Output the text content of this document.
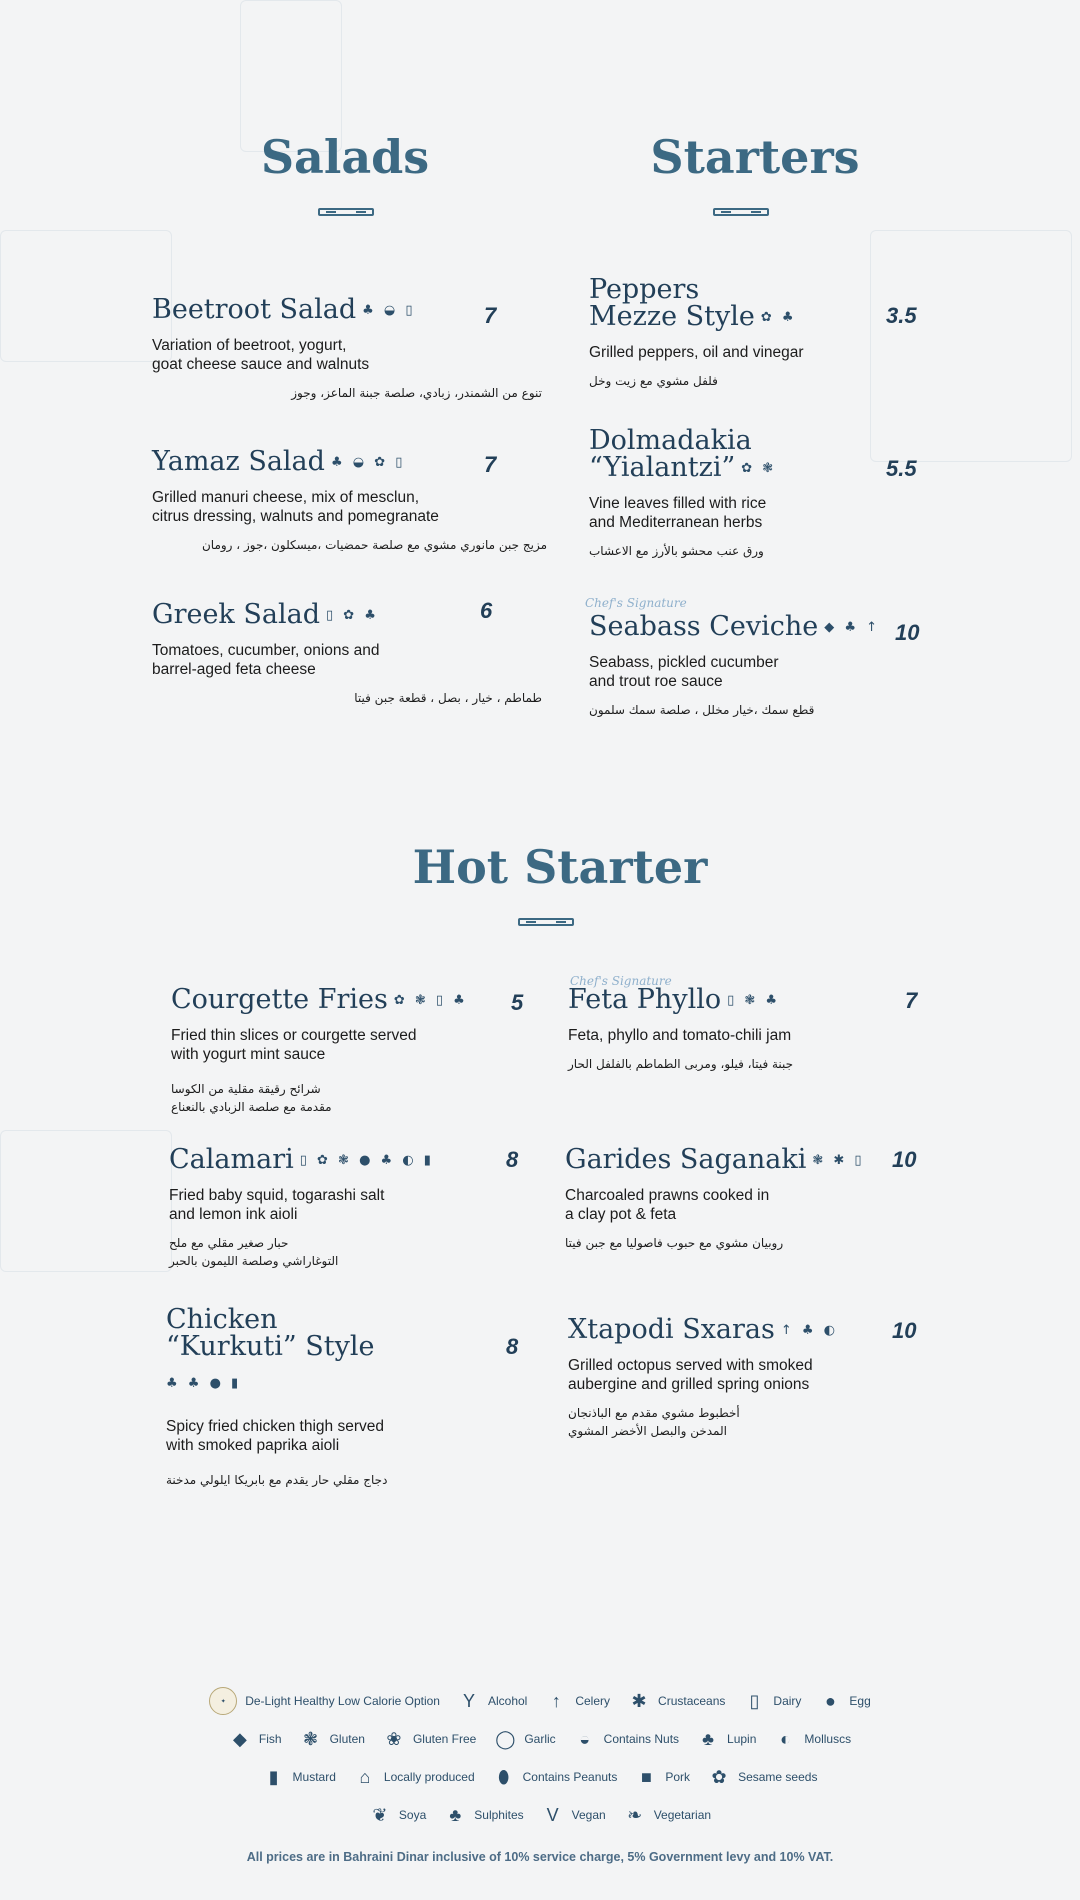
Salads	Starters
Hot Starter
Beetroot Salad ♣ ◒ ▯
Variation of beetroot, yogurt,
goat cheese sauce and walnuts
تنوع من الشمندر، زبادي، صلصة جبنة الماعز، وجوز
7
Yamaz Salad ♣ ◒ ✿ ▯
Grilled manuri cheese, mix of mesclun,
citrus dressing, walnuts and pomegranate
مزيج جبن مانوري مشوي مع صلصة حمضيات ،ميسكلون ،جوز ، رومان
7
Greek Salad ▯ ✿ ♣
Tomatoes, cucumber, onions and
barrel-aged feta cheese
طماطم ، خيار ، بصل ، قطعة جبن فيتا
6
Peppers
Mezze Style ✿ ♣
Grilled peppers, oil and vinegar
فلفل مشوي مع زيت وخل
3.5
Dolmadakia
“Yialantzi” ✿ ❃
Vine leaves filled with rice
and Mediterranean herbs
ورق عنب محشو بالأرز مع الاعشاب
5.5
Chef's Signature
Seabass Ceviche ◆ ♣ ↑
Seabass, pickled cucumber
and trout roe sauce
قطع سمك ،خيار مخلل ، صلصة سمك سلمون
10
Courgette Fries ✿ ❃ ▯ ♣
Fried thin slices or courgette served
with yogurt mint sauce
شرائح رقيقة مقلية من الكوسا
مقدمة مع صلصة الزبادي بالنعناع
5
Calamari ▯ ✿ ❃ ● ♣ ◐ ▮
Fried baby squid, togarashi salt
and lemon ink aioli
حبار صغير مقلي مع ملح
التوغاراشي وصلصة الليمون بالحبر
8
Chicken
“Kurkuti” Style
♣ ♣ ● ▮
Spicy fried chicken thigh served
with smoked paprika aioli
دجاج مقلي حار يقدم مع بابريكا ايلولي مدخنة
8
Chef's Signature
Feta Phyllo ▯ ❃ ♣
Feta, phyllo and tomato-chili jam
جبنة فيتا، فيلو، ومربى الطماطم بالفلفل الحار
7
Garides Saganaki ❃ ✱ ▯
Charcoaled prawns cooked in
a clay pot & feta
روبيان مشوي مع حبوب فاصوليا مع جبن فيتا
10
Xtapodi Sxaras ↑ ♣ ◐
Grilled octopus served with smoked
aubergine and grilled spring onions
أخطبوط مشوي مقدم مع الباذنجان
المدخن والبصل الأخضر المشوي
10
✦	De-Light Healthy Low Calorie Option Y	Alcohol	↑	Celery ✱ Crustaceans	▯	Dairy	●	Egg
◆	Fish ❃ Gluten ❀ Gluten Free ◯ Garlic	◒	Contains Nuts ♣	Lupin	◐	Molluscs
▮	Mustard	⌂	Locally produced ⬮	Contains Peanuts	■	Pork ✿ Sesame seeds
❦ Soya ♣	Sulphites V	Vegan ❧ Vegetarian
All prices are in Bahraini Dinar inclusive of 10% service charge, 5% Government levy and 10% VAT.
